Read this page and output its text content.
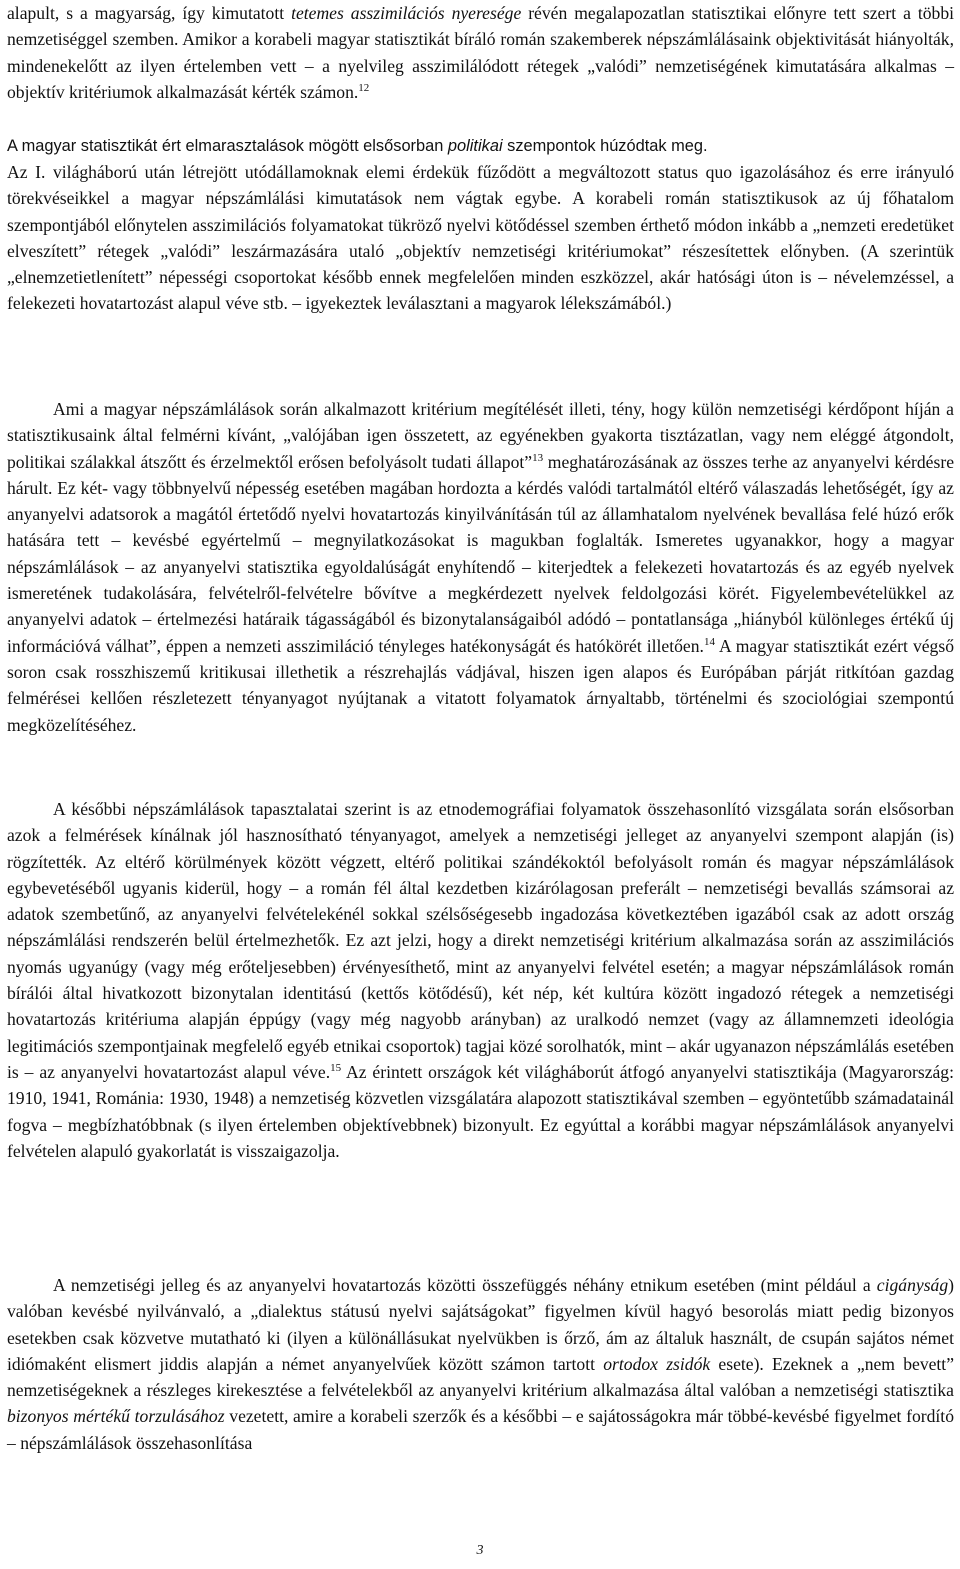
alapult, s a magyarság, így kimutatott tetemes asszimilációs nyeresége révén megalapozatlan statisztikai előnyre tett szert a többi nemzetiséggel szemben. Amikor a korabeli magyar statisztikát bíráló román szakemberek népszámlálásaink objektivitását hiányolták, mindenekelőtt az ilyen értelemben vett – a nyelvileg asszimilálódott rétegek „valódi” nemzetiségének kimutatására alkalmas – objektív kritériumok alkalmazását kérték számon.$^{12}$

A magyar statisztikát ért elmarasztalások mögött elsősorban politikai szempontok húzódtak meg.

Az I. világháború után létrejött utódállamoknak elemi érdekük fűződött a megváltozott status quo igazolásához és erre irányuló törekvéseikkel a magyar népszámlálási kimutatások nem vágtak egybe. A korabeli román statisztikusok az új főhatalom szempontjából előnytelen asszimilációs folyamatokat tükröző nyelvi kötődéssel szemben érthető módon inkább a „nemzeti eredetüket elveszített” rétegek „valódi” leszármazására utaló „objektív nemzetiségi kritériumokat” részesítettek előnyben. (A szerintük „elnemzetietlenített” népességi csoportokat később ennek megfelelően minden eszközzel, akár hatósági úton is – névelemzéssel, a felekezeti hovatartozást alapul véve stb. – igyekeztek leválasztani a magyarok lélekszámából.)

Ami a magyar népszámlálások során alkalmazott kritérium megítélését illeti, tény, hogy külön nemzetiségi kérdőpont híján a statisztikusaink által felmérni kívánt, „valójában igen összetett, az egyénekben gyakorta tisztázatlan, vagy nem eléggé átgondolt, politikai szálakkal átszőtt és érzelmektől erősen befolyásolt tudati állapot”$^{13}$ meghatározásának az összes terhe az anyanyelvi kérdésre hárult. Ez két- vagy többnyelvű népesség esetében magában hordozta a kérdés valódi tartalmától eltérő válaszadás lehetőségét, így az anyanyelvi adatsorok a magától értetődő nyelvi hovatartozás kinyilvánításán túl az államhatalom nyelvének bevallása felé húzó erők hatására tett – kevésbé egyértelmű – megnyilatkozásokat is magukban foglalták. Ismeretes ugyanakkor, hogy a magyar népszámlálások – az anyanyelvi statisztika egyoldalúságát enyhítendő – kiterjedtek a felekezeti hovatartozás és az egyéb nyelvek ismeretének tudakolására, felvételről-felvételre bővítve a megkérdezett nyelvek feldolgozási körét. Figyelembevételükkel az anyanyelvi adatok – értelmezési határaik tágasságából és bizonytalanságaiból adódó – pontatlansága „hiányból különleges értékű új információvá válhat”, éppen a nemzeti asszimiláció tényleges hatékonyságát és hatókörét illetően.$^{14}$ A magyar statisztikát ezért végső soron csak rosszhiszemű kritikusai illethetik a részrehajlás vádjával, hiszen igen alapos és Európában párját ritkítóan gazdag felmérései kellően részletezett tényanyagot nyújtanak a vitatott folyamatok árnyaltabb, történelmi és szociológiai szempontú megközelítéséhez.

A későbbi népszámlálások tapasztalatai szerint is az etnodemográfiai folyamatok összehasonlító vizsgálata során elsősorban azok a felmérések kínálnak jól hasznosítható tényanyagot, amelyek a nemzetiségi jelleget az anyanyelvi szempont alapján (is) rögzítették. Az eltérő körülmények között végzett, eltérő politikai szándékoktól befolyásolt román és magyar népszámlálások egybevetéséből ugyanis kiderül, hogy – a román fél által kezdetben kizárólagosan preferált – nemzetiségi bevallás számsorai az adatok szembetűnő, az anyanyelvi felvételekénél sokkal szélsőségesebb ingadozása következtében igazából csak az adott ország népszámlálási rendszerén belül értelmezhetők. Ez azt jelzi, hogy a direkt nemzetiségi kritérium alkalmazása során az asszimilációs nyomás ugyanúgy (vagy még erőteljesebben) érvényesíthető, mint az anyanyelvi felvétel esetén; a magyar népszámlálások román bírálói által hivatkozott bizonytalan identitású (kettős kötődésű), két nép, két kultúra között ingadozó rétegek a nemzetiségi hovatartozás kritériuma alapján éppúgy (vagy még nagyobb arányban) az uralkodó nemzet (vagy az államnemzeti ideológia legitimációs szempontjainak megfelelő egyéb etnikai csoportok) tagjai közé sorolhatók, mint – akár ugyanazon népszámlálás esetében is – az anyanyelvi hovatartozást alapul véve.$^{15}$ Az érintett országok két világháborút átfogó anyanyelvi statisztikája (Magyarország: 1910, 1941, Románia: 1930, 1948) a nemzetiség közvetlen vizsgálatára alapozott statisztikával szemben – egyöntetűbb számadatainál fogva – megbízhatóbbnak (s ilyen értelemben objektívebbnek) bizonyult. Ez egyúttal a korábbi magyar népszámlálások anyanyelvi felvételen alapuló gyakorlatát is visszaigazolja.

A nemzetiségi jelleg és az anyanyelvi hovatartozás közötti összefüggés néhány etnikum esetében (mint például a cigányság) valóban kevésbé nyilvánvaló, a „dialektus státusú nyelvi sajátságokat” figyelmen kívül hagyó besorolás miatt pedig bizonyos esetekben csak közvetve mutatható ki (ilyen a különállásukat nyelvükben is őrző, ám az általuk használt, de csupán sajátos német idiómaként elismert jiddis alapján a német anyanyelvűek között számon tartott ortodox zsidók esete). Ezeknek a „nem bevett” nemzetiségeknek a részleges kirekesztése a felvételekből az anyanyelvi kritérium alkalmazása által valóban a nemzetiségi statisztika bizonyos mértékű torzulásához vezetett, amire a korabeli szerzők és a későbbi – e sajátosságokra már többé-kevésbé figyelmet fordító – népszámlálások összehasonlítása

3
